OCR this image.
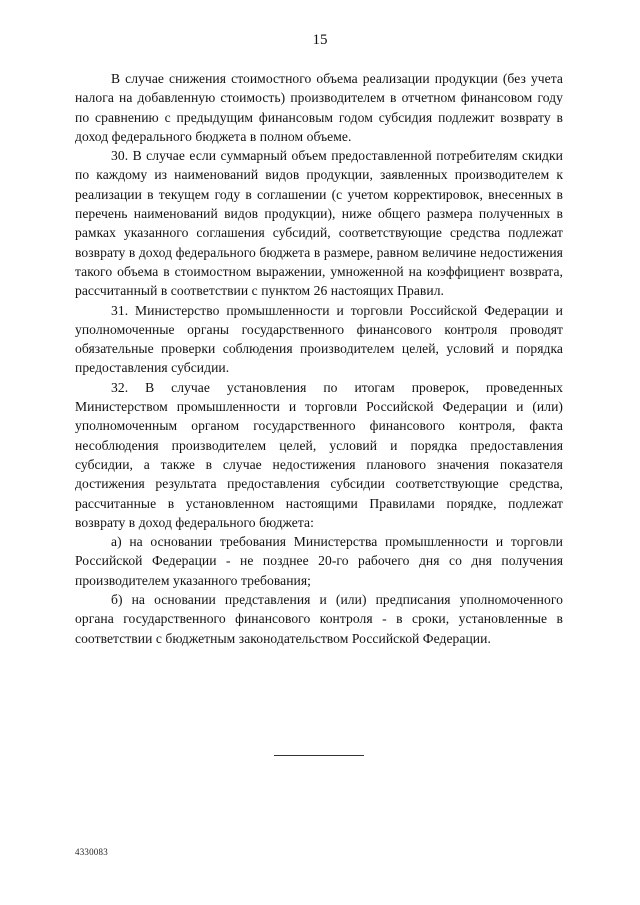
15

В случае снижения стоимостного объема реализации продукции (без учета налога на добавленную стоимость) производителем в отчетном финансовом году по сравнению с предыдущим финансовым годом субсидия подлежит возврату в доход федерального бюджета в полном объеме.

30. В случае если суммарный объем предоставленной потребителям скидки по каждому из наименований видов продукции, заявленных производителем к реализации в текущем году в соглашении (с учетом корректировок, внесенных в перечень наименований видов продукции), ниже общего размера полученных в рамках указанного соглашения субсидий, соответствующие средства подлежат возврату в доход федерального бюджета в размере, равном величине недостижения такого объема в стоимостном выражении, умноженной на коэффициент возврата, рассчитанный в соответствии с пунктом 26 настоящих Правил.

31. Министерство промышленности и торговли Российской Федерации и уполномоченные органы государственного финансового контроля проводят обязательные проверки соблюдения производителем целей, условий и порядка предоставления субсидии.

32. В случае установления по итогам проверок, проведенных Министерством промышленности и торговли Российской Федерации и (или) уполномоченным органом государственного финансового контроля, факта несоблюдения производителем целей, условий и порядка предоставления субсидии, а также в случае недостижения планового значения показателя достижения результата предоставления субсидии соответствующие средства, рассчитанные в установленном настоящими Правилами порядке, подлежат возврату в доход федерального бюджета:

а) на основании требования Министерства промышленности и торговли Российской Федерации - не позднее 20-го рабочего дня со дня получения производителем указанного требования;

б) на основании представления и (или) предписания уполномоченного органа государственного финансового контроля - в сроки, установленные в соответствии с бюджетным законодательством Российской Федерации.

4330083
